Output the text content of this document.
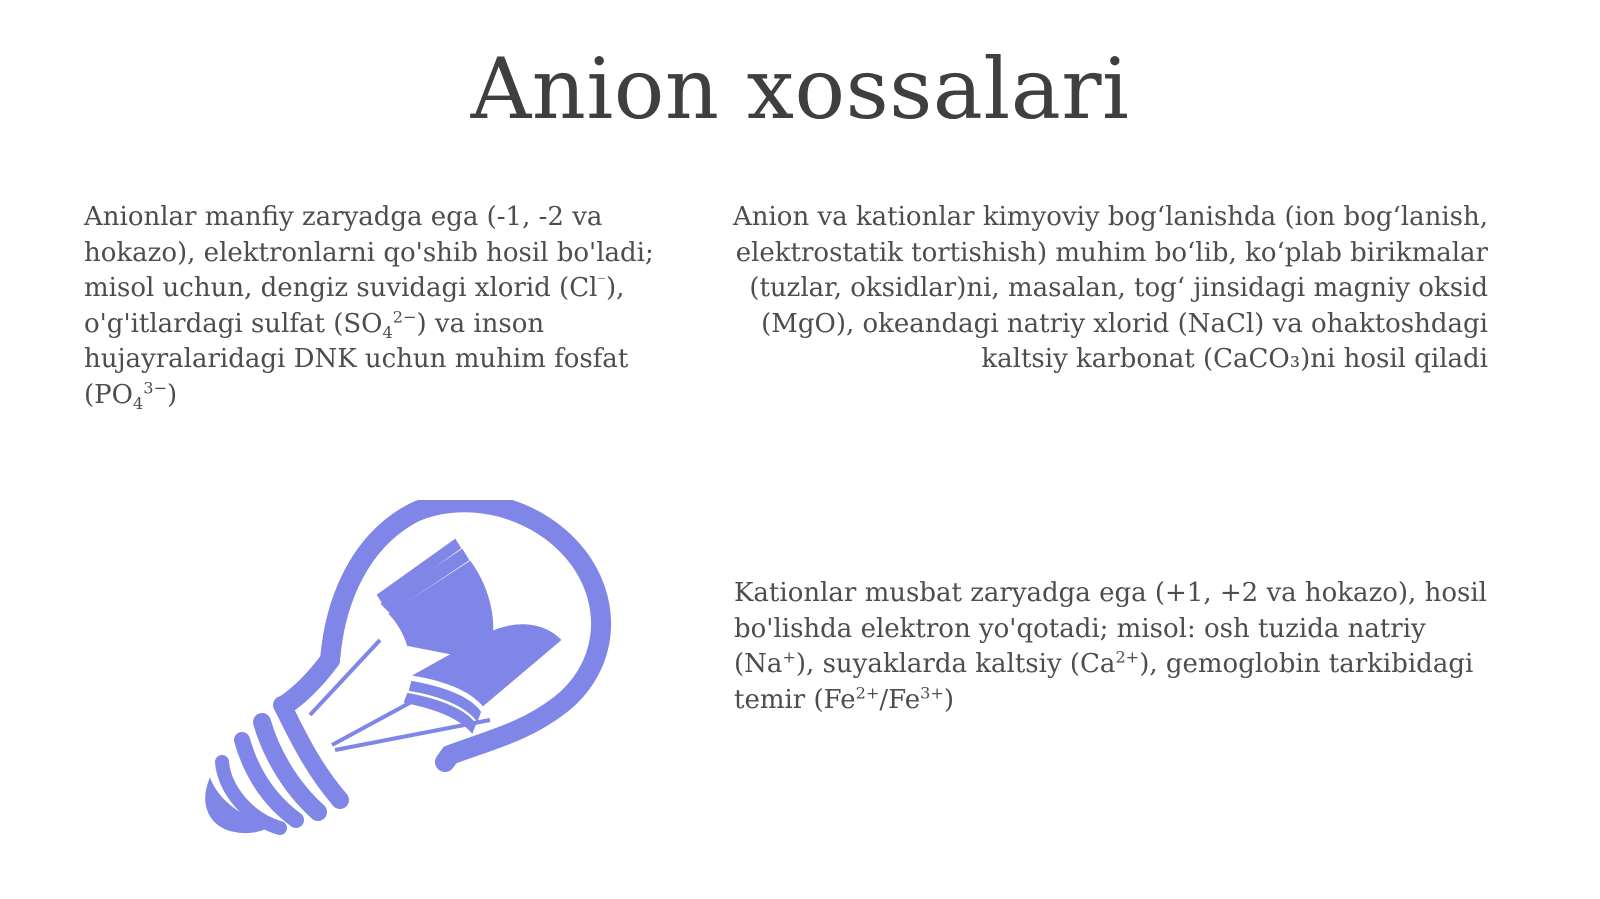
Anion xossalari

Anionlar manfiy zaryadga ega (-1, -2 va hokazo), elektronlarni qo'shib hosil bo'ladi; misol uchun, dengiz suvidagi xlorid (Cl⁻), o'g'itlardagi sulfat $(SO_4^{2-})$ va inson hujayralaridagi DNK uchun muhim fosfat $(PO_4^{3-})$

Anion va kationlar kimyoviy bog‘lanishda (ion bog‘lanish, elektrostatik tortishish) muhim bo‘lib, ko‘plab birikmalar (tuzlar, oksidlar)ni, masalan, tog‘ jinsidagi magniy oksid (MgO), okeandagi natriy xlorid (NaCl) va ohaktoshdagi kaltsiy karbonat (CaCO₃)ni hosil qiladi

Kationlar musbat zaryadga ega (+1, +2 va hokazo), hosil bo'lishda elektron yo'qotadi; misol: osh tuzida natriy (Na+), suyaklarda kaltsiy $(Ca^{2+})$, gemoglobin tarkibidagi temir $(Fe^{2+}/Fe^{3+})$
